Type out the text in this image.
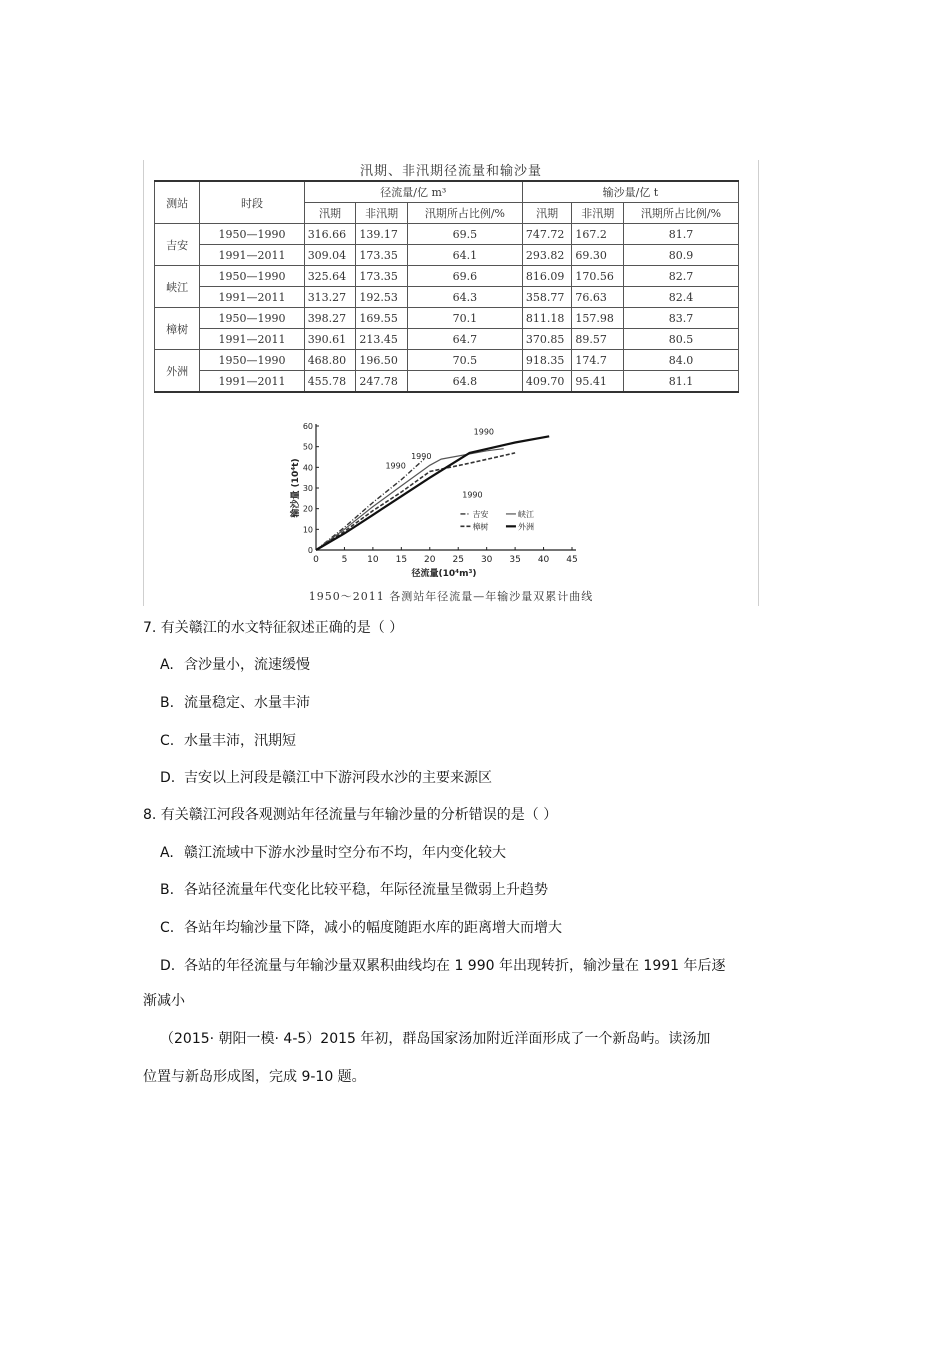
汛期、非汛期径流量和输沙量
测站	时段	径流量/亿 m³			输沙量/亿 t		
		汛期	非汛期	汛期所占比例/%	汛期	非汛期	汛期所占比例/%
吉安	1950—1990	316.66	139.17	69.5	747.72	167.2	81.7
	1991—2011	309.04	173.35	64.1	293.82	69.30	80.9
峡江	1950—1990	325.64	173.35	69.6	816.09	170.56	82.7
	1991—2011	313.27	192.53	64.3	358.77	76.63	82.4
樟树	1950—1990	398.27	169.55	70.1	811.18	157.98	83.7
	1991—2011	390.61	213.45	64.7	370.85	89.57	80.5
外洲	1950—1990	468.80	196.50	70.5	918.35	174.7	84.0
	1991—2011	455.78	247.78	64.8	409.70	95.41	81.1
0	5 10 15 20 25 30 35 40 45
0
10
20
30
40
50
60
径流量(10⁴m³)
输沙量 (10⁴t)
1990
1990
1990
1990
吉安	峡江
樟树	外洲
1950～2011 各测站年径流量—年输沙量双累计曲线
7. 有关赣江的水文特征叙述正确的是（ ）
A. 含沙量小，流速缓慢
B. 流量稳定、水量丰沛
C. 水量丰沛，汛期短
D. 吉安以上河段是赣江中下游河段水沙的主要来源区
8. 有关赣江河段各观测站年径流量与年输沙量的分析错误的是（ ）
A. 赣江流域中下游水沙量时空分布不均，年内变化较大
B. 各站径流量年代变化比较平稳，年际径流量呈微弱上升趋势
C. 各站年均输沙量下降，减小的幅度随距水库的距离增大而增大
D. 各站的年径流量与年输沙量双累积曲线均在 1 990 年出现转折，输沙量在 1991 年后逐
渐减小
（2015· 朝阳一模· 4-5）2015 年初，群岛国家汤加附近洋面形成了一个新岛屿。读汤加
位置与新岛形成图，完成 9-10 题。
